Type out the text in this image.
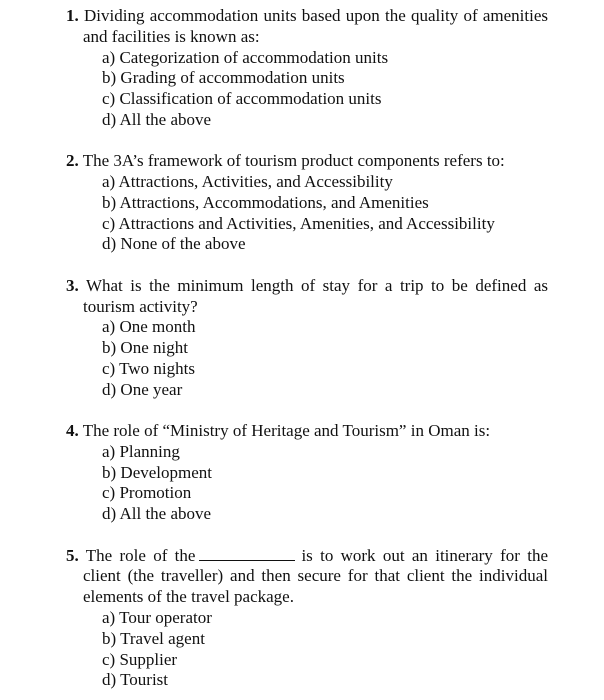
1. Dividing accommodation units based upon the quality of amenities and facilities is known as:

a) Categorization of accommodation units
b) Grading of accommodation units
c) Classification of accommodation units
d) All the above

2. The 3A’s framework of tourism product components refers to:

a) Attractions, Activities, and Accessibility
b) Attractions, Accommodations, and Amenities
c) Attractions and Activities, Amenities, and Accessibility
d) None of the above

3. What is the minimum length of stay for a trip to be defined as tourism activity?

a) One month
b) One night
c) Two nights
d) One year

4. The role of “Ministry of Heritage and Tourism” in Oman is:

a) Planning
b) Development
c) Promotion
d) All the above

5. The role of the	is to work out an itinerary for the client (the traveller) and then secure for that client the individual elements of the travel package.

a) Tour operator
b) Travel agent
c) Supplier
d) Tourist
